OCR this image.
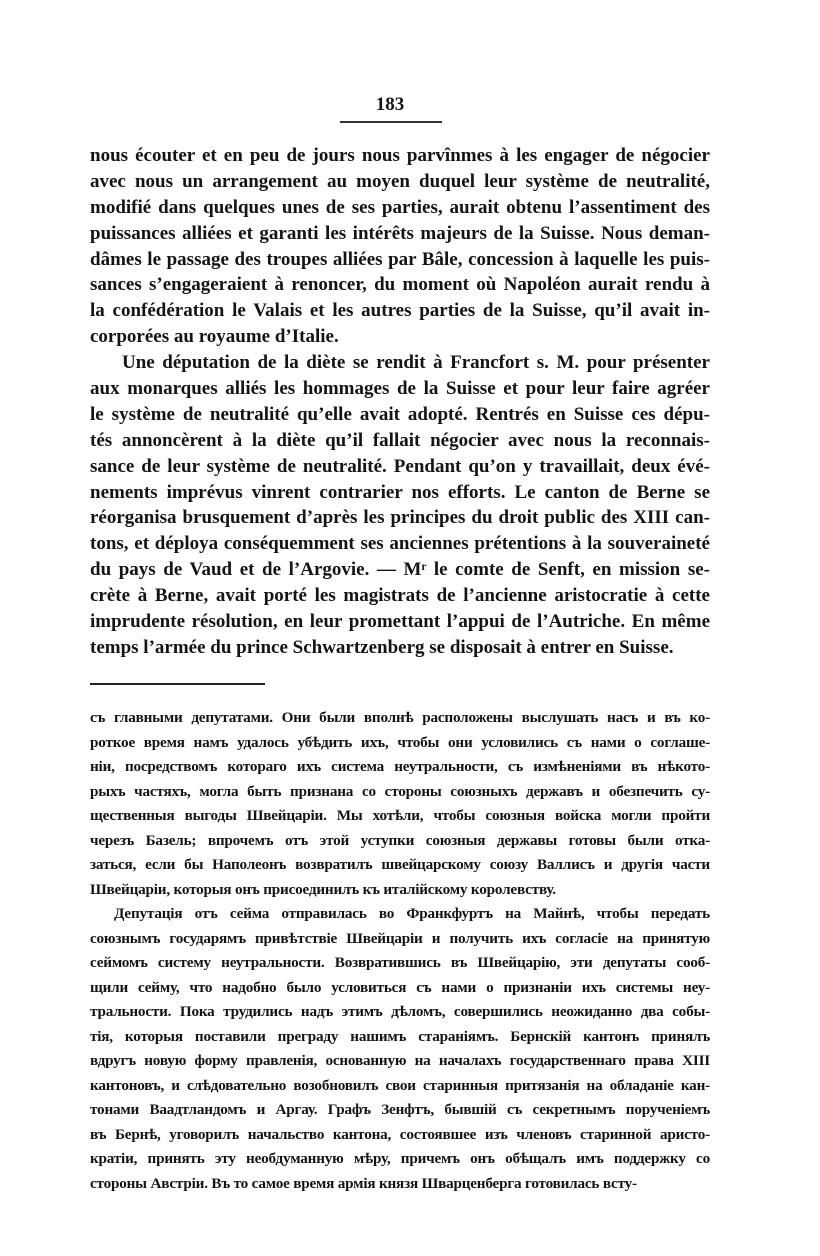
183
nous écouter et en peu de jours nous parvînmes à les engager de négocier
avec nous un arrangement au moyen duquel leur système de neutralité,
modifié dans quelques unes de ses parties, aurait obtenu l’assentiment des
puissances alliées et garanti les intérêts majeurs de la Suisse. Nous deman-
dâmes le passage des troupes alliées par Bâle, concession à laquelle les puis-
sances s’engageraient à renoncer, du moment où Napoléon aurait rendu à
la confédération le Valais et les autres parties de la Suisse, qu’il avait in-
corporées au royaume d’Italie.
Une députation de la diète se rendit à Francfort s. M. pour présenter
aux monarques alliés les hommages de la Suisse et pour leur faire agréer
le système de neutralité qu’elle avait adopté. Rentrés en Suisse ces dépu-
tés annoncèrent à la diète qu’il fallait négocier avec nous la reconnais-
sance de leur système de neutralité. Pendant qu’on y travaillait, deux évé-
nements imprévus vinrent contrarier nos efforts. Le canton de Berne se
réorganisa brusquement d’après les principes du droit public des XIII can-
tons, et déploya conséquemment ses anciennes prétentions à la souveraineté
du pays de Vaud et de l’Argovie. — Mʳ le comte de Senft, en mission se-
crète à Berne, avait porté les magistrats de l’ancienne aristocratie à cette
imprudente résolution, en leur promettant l’appui de l’Autriche. En même
temps l’armée du prince Schwartzenberg se disposait à entrer en Suisse.
съ главными депутатами. Они были вполнѣ расположены выслушать насъ и въ ко-
роткое время намъ удалось убѣдить ихъ, чтобы они условились съ нами о соглаше-
ніи, посредствомъ котораго ихъ система неутральности, съ измѣненіями въ нѣкото-
рыхъ частяхъ, могла быть признана со стороны союзныхъ державъ и обезпечить су-
щественныя выгоды Швейцаріи. Мы хотѣли, чтобы союзныя войска могли пройти
черезъ Базель; впрочемъ отъ этой уступки союзныя державы готовы были отка-
заться, если бы Наполеонъ возвратилъ швейцарскому союзу Валлисъ и другія части
Швейцаріи, которыя онъ присоединилъ къ италійскому королевству.
Депутація отъ сейма отправилась во Франкфуртъ на Майнѣ, чтобы передать
союзнымъ государямъ привѣтствіе Швейцаріи и получить ихъ согласіе на принятую
сеймомъ систему неутральности. Возвратившись въ Швейцарію, эти депутаты сооб-
щили сейму, что надобно было условиться съ нами о признаніи ихъ системы неу-
тральности. Пока трудились надъ этимъ дѣломъ, совершились неожиданно два собы-
тія, которыя поставили преграду нашимъ стараніямъ. Бернскій кантонъ принялъ
вдругъ новую форму правленія, основанную на началахъ государственнаго права XIII
кантоновъ, и слѣдовательно возобновилъ свои старинныя притязанія на обладаніе кан-
тонами Ваадтландомъ и Аргау. Графъ Зенфтъ, бывшій съ секретнымъ порученіемъ
въ Бернѣ, уговорилъ начальство кантона, состоявшее изъ членовъ старинной аристо-
кратіи, принять эту необдуманную мѣру, причемъ онъ обѣщалъ имъ поддержку со
стороны Австріи. Въ то самое время армія князя Шварценберга готовилась всту-
